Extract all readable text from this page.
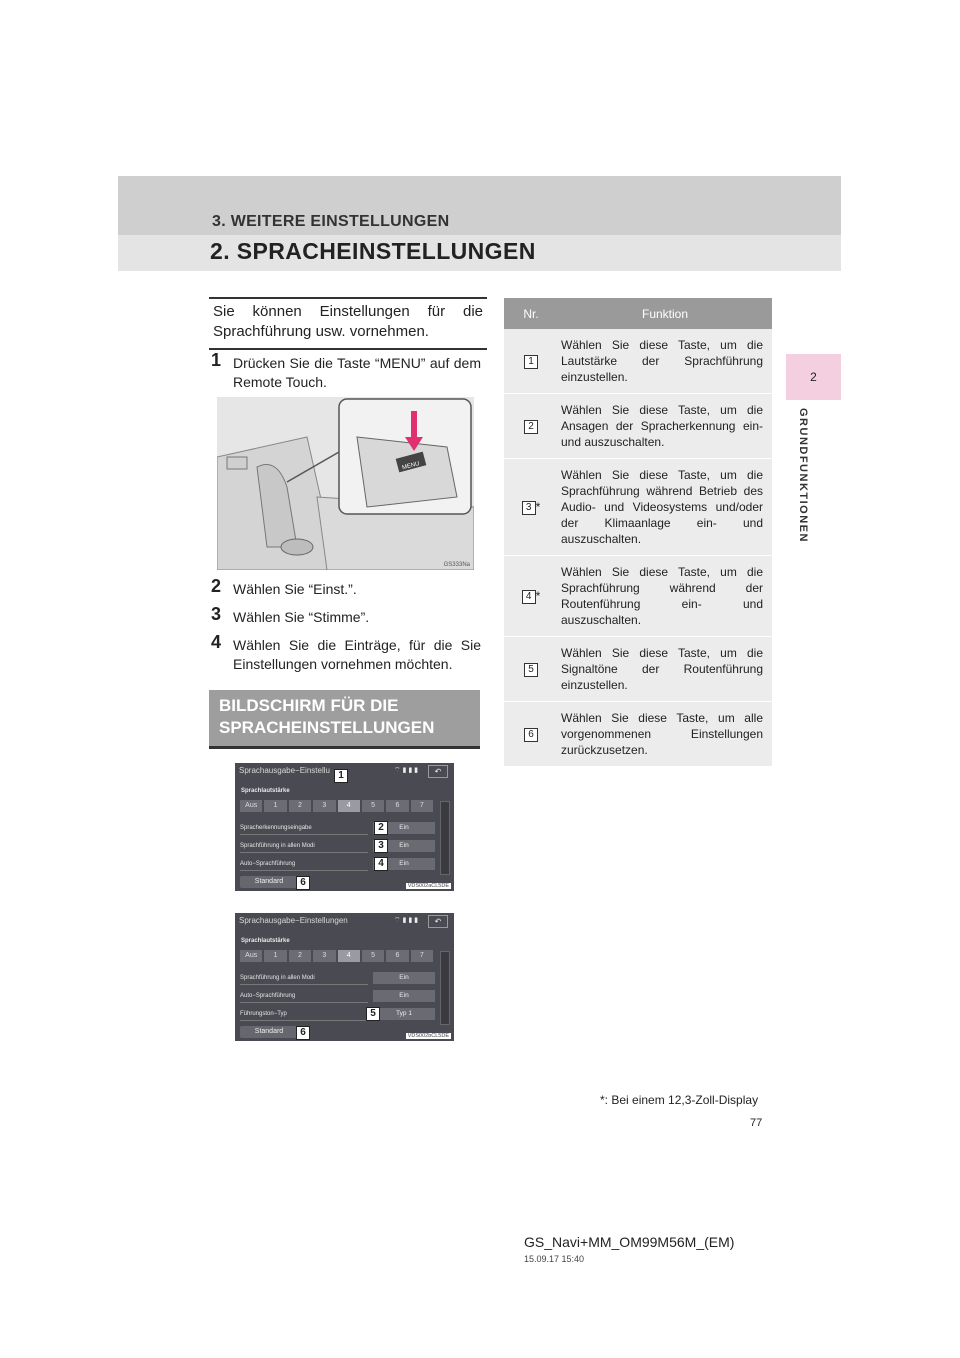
3. WEITERE EINSTELLUNGEN
2. SPRACHEINSTELLUNGEN
2
GRUNDFUNKTIONEN
Sie können Einstellungen für die Sprachführung usw. vornehmen.
1 Drücken Sie die Taste “MENU” auf dem Remote Touch.
MENU
GS333Na
2 Wählen Sie “Einst.”.
3 Wählen Sie “Stimme”.
4 Wählen Sie die Einträge, für die Sie Einstellungen vornehmen möchten.
BILDSCHIRM FÜR DIE
SPRACHEINSTELLUNGEN
Sprachausgabe−Einstellu	⌔ ▮ ▮ ▮	↶
Sprachlautstärke
Aus	1	2	3	4	5	6	7
Spracherkennungseingabe	Ein
Sprachführung in allen Modi	Ein
Auto−Sprachführung	Ein
Standard
VDS002aCL5DE
1
2
3
4
6
Sprachausgabe−Einstellungen	⌔ ▮ ▮ ▮	↶
Sprachlautstärke
Aus	1	2	3	4	5	6	7
Sprachführung in allen Modi	Ein
Auto−Sprachführung	Ein
Führungston−Typ	Typ 1
Standard
VDS002bCL5DE
5
6
Nr.	Funktion
1	Wählen Sie diese Taste, um die Lautstärke der Sprachführung einzustellen.
2	Wählen Sie diese Taste, um die Ansagen der Spracherkennung ein- und auszuschalten.
3 *	Wählen Sie diese Taste, um die Sprachführung während Betrieb des Audio- und Videosystems und/oder der Klimaanlage ein- und auszuschalten.
4 *	Wählen Sie diese Taste, um die Sprachführung während der Routenführung ein- und auszuschalten.
5	Wählen Sie diese Taste, um die Signaltöne der Routenführung einzustellen.
6	Wählen Sie diese Taste, um alle vorgenommenen Einstellungen zurückzusetzen.
*: Bei einem 12,3-Zoll-Display
77
GS_Navi+MM_OM99M56M_(EM)
15.09.17 15:40
